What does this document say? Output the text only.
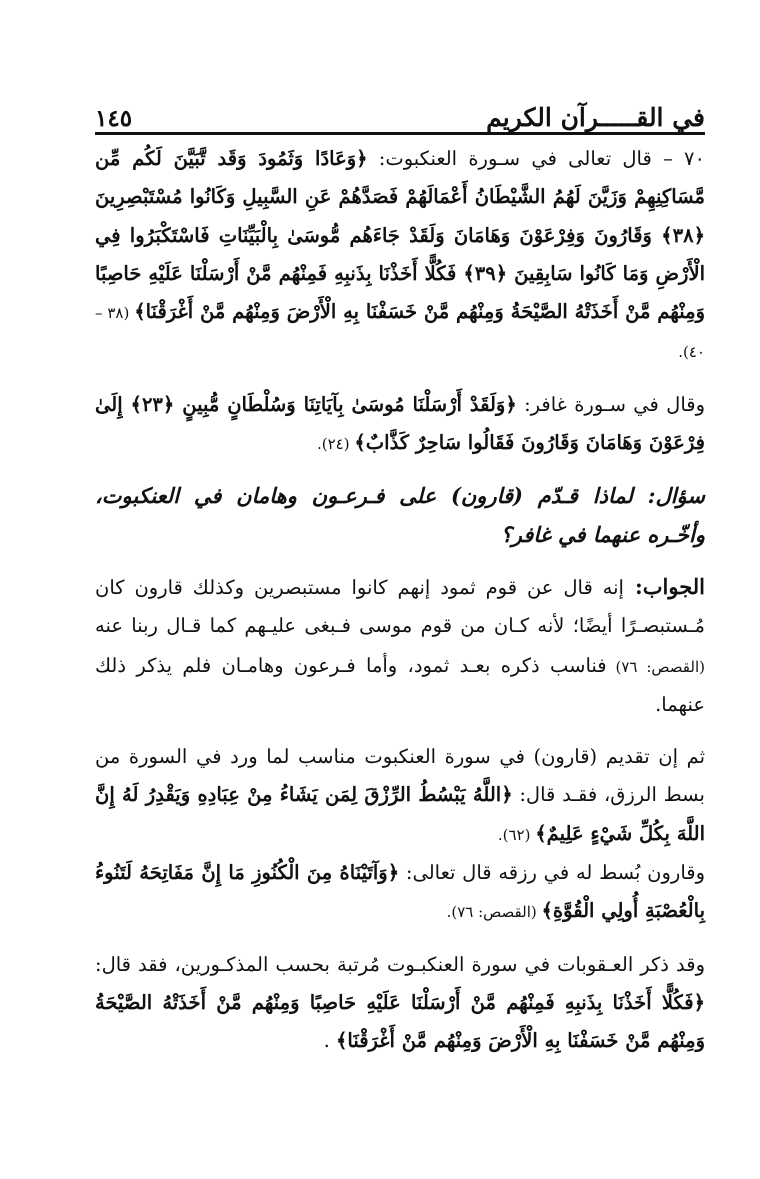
في القـــــرآن الكريم
١٤٥

٧٠ – قال تعالى في سـورة العنكبوت: ﴿وَعَادًا وَثَمُودَ وَقَد تَّبَيَّنَ لَكُم مِّن مَّسَاكِنِهِمْ وَزَيَّنَ لَهُمُ الشَّيْطَانُ أَعْمَالَهُمْ فَصَدَّهُمْ عَنِ السَّبِيلِ وَكَانُوا مُسْتَبْصِرِينَ ﴿٣٨﴾ وَقَارُونَ وَفِرْعَوْنَ وَهَامَانَ وَلَقَدْ جَاءَهُم مُّوسَىٰ بِالْبَيِّنَاتِ فَاسْتَكْبَرُوا فِي الْأَرْضِ وَمَا كَانُوا سَابِقِينَ ﴿٣٩﴾ فَكُلًّا أَخَذْنَا بِذَنبِهِ فَمِنْهُم مَّنْ أَرْسَلْنَا عَلَيْهِ حَاصِبًا وَمِنْهُم مَّنْ أَخَذَتْهُ الصَّيْحَةُ وَمِنْهُم مَّنْ خَسَفْنَا بِهِ الْأَرْضَ وَمِنْهُم مَّنْ أَغْرَقْنَا﴾ (٣٨ – ٤٠).

وقال في سـورة غافر: ﴿وَلَقَدْ أَرْسَلْنَا مُوسَىٰ بِآيَاتِنَا وَسُلْطَانٍ مُّبِينٍ ﴿٢٣﴾ إِلَىٰ فِرْعَوْنَ وَهَامَانَ وَقَارُونَ فَقَالُوا سَاحِرٌ كَذَّابٌ﴾ (٢٤).

سؤال: لماذا قـدّم (قارون) على فـرعـون وهامان في العنكبوت، وأخّـره عنهما في غافر؟

الجواب: إنه قال عن قوم ثمود إنهم كانوا مستبصرين وكذلك قارون كان مُـستبصـرًا أيضًا؛ لأنه كـان من قوم موسى فـبغى عليـهم كما قـال ربنا عنه (القصص: ٧٦) فناسب ذكره بعـد ثمود، وأما فـرعون وهامـان فلم يذكر ذلك عنهما.

ثم إن تقديم (قارون) في سورة العنكبوت مناسب لما ورد في السورة من بسط الرزق، فقـد قال: ﴿اللَّهُ يَبْسُطُ الرِّزْقَ لِمَن يَشَاءُ مِنْ عِبَادِهِ وَيَقْدِرُ لَهُ إِنَّ اللَّهَ بِكُلِّ شَيْءٍ عَلِيمٌ﴾ (٦٢).

وقارون بُسط له في رزقه قال تعالى: ﴿وَآتَيْنَاهُ مِنَ الْكُنُوزِ مَا إِنَّ مَفَاتِحَهُ لَتَنُوءُ بِالْعُصْبَةِ أُولِي الْقُوَّةِ﴾ (القصص: ٧٦).

وقد ذكر العـقوبات في سورة العنكبـوت مُرتبة بحسب المذكـورين، فقد قال: ﴿فَكُلًّا أَخَذْنَا بِذَنبِهِ فَمِنْهُم مَّنْ أَرْسَلْنَا عَلَيْهِ حَاصِبًا وَمِنْهُم مَّنْ أَخَذَتْهُ الصَّيْحَةُ وَمِنْهُم مَّنْ خَسَفْنَا بِهِ الْأَرْضَ وَمِنْهُم مَّنْ أَغْرَقْنَا﴾ .
